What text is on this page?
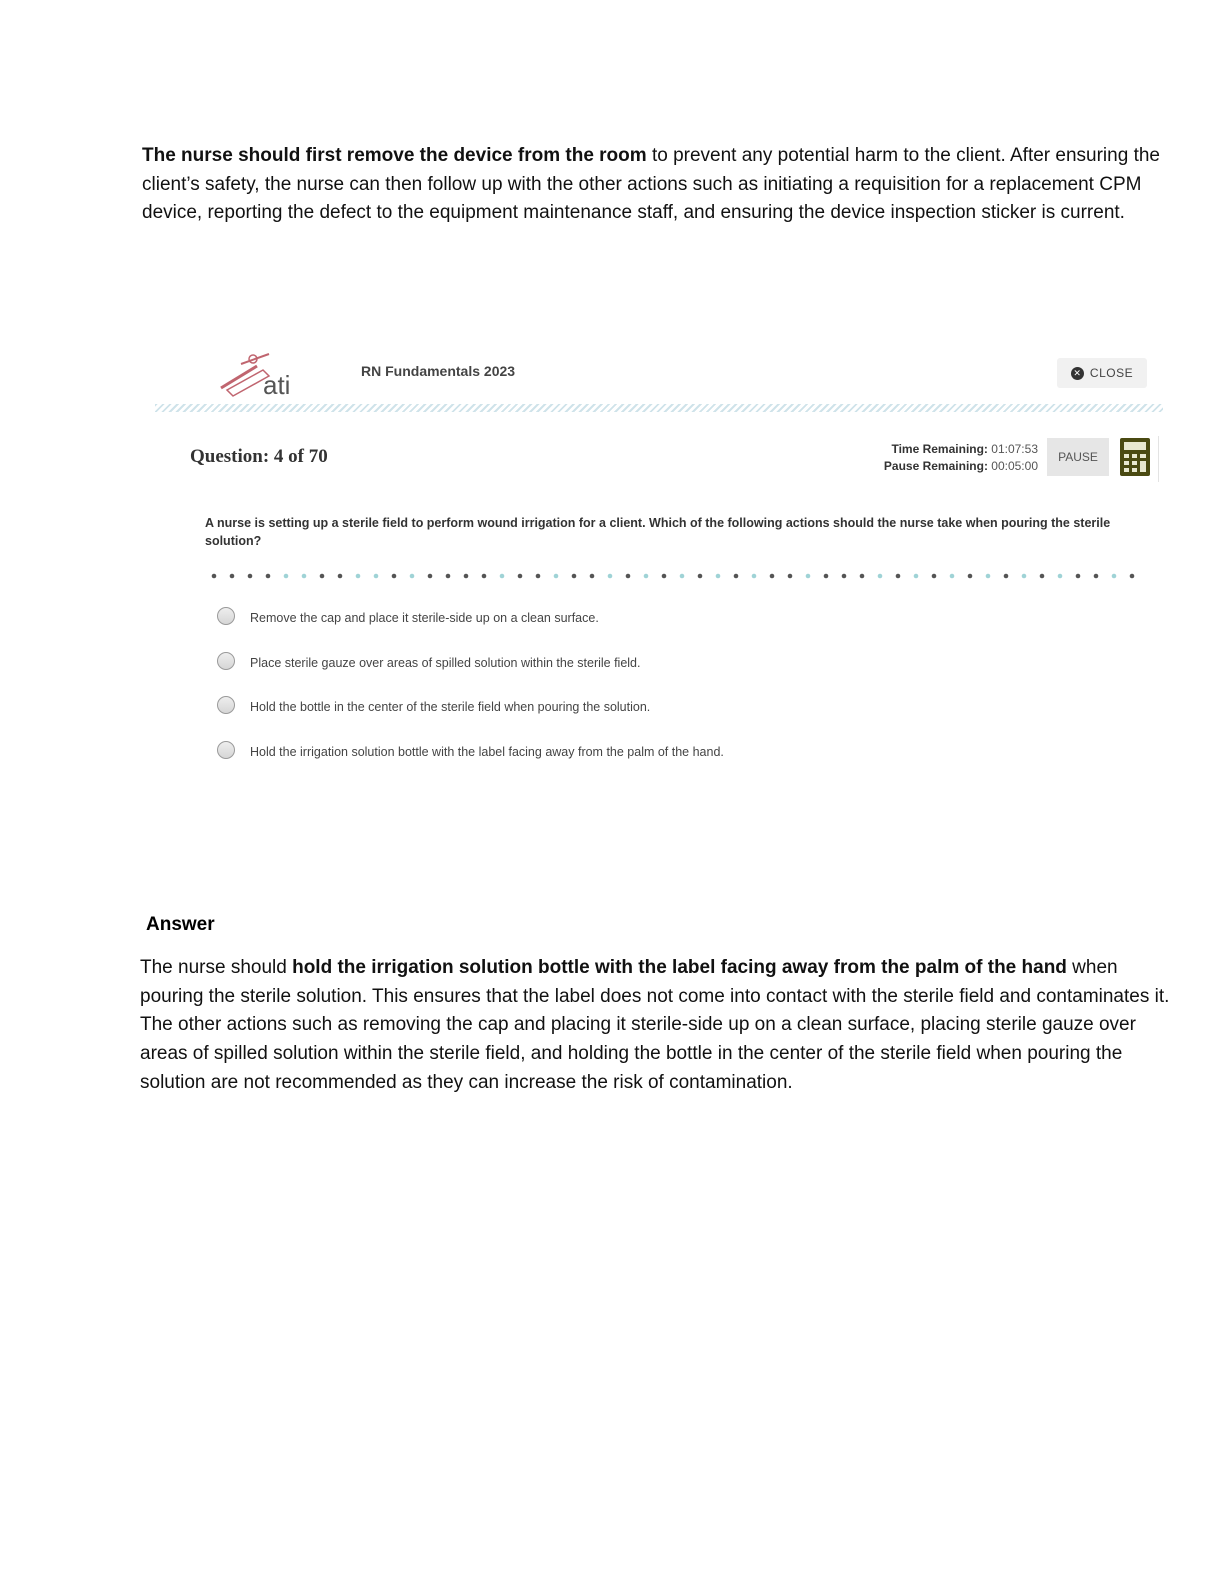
The nurse should first remove the device from the room to prevent any potential harm to the client. After ensuring the client’s safety, the nurse can then follow up with the other actions such as initiating a requisition for a replacement CPM device, reporting the defect to the equipment maintenance staff, and ensuring the device inspection sticker is current.

ati	RN Fundamentals 2023	✕ CLOSE
Question: 4 of 70	Time Remaining: 01:07:53
Pause Remaining: 00:05:00
PAUSE
A nurse is setting up a sterile field to perform wound irrigation for a client. Which of the following actions should the nurse take when pouring the sterile solution?
Remove the cap and place it sterile-side up on a clean surface.
Place sterile gauze over areas of spilled solution within the sterile field.
Hold the bottle in the center of the sterile field when pouring the solution.
Hold the irrigation solution bottle with the label facing away from the palm of the hand.
Answer

The nurse should hold the irrigation solution bottle with the label facing away from the palm of the hand when pouring the sterile solution. This ensures that the label does not come into contact with the sterile field and contaminates it. The other actions such as removing the cap and placing it sterile-side up on a clean surface, placing sterile gauze over areas of spilled solution within the sterile field, and holding the bottle in the center of the sterile field when pouring the solution are not recommended as they can increase the risk of contamination.
